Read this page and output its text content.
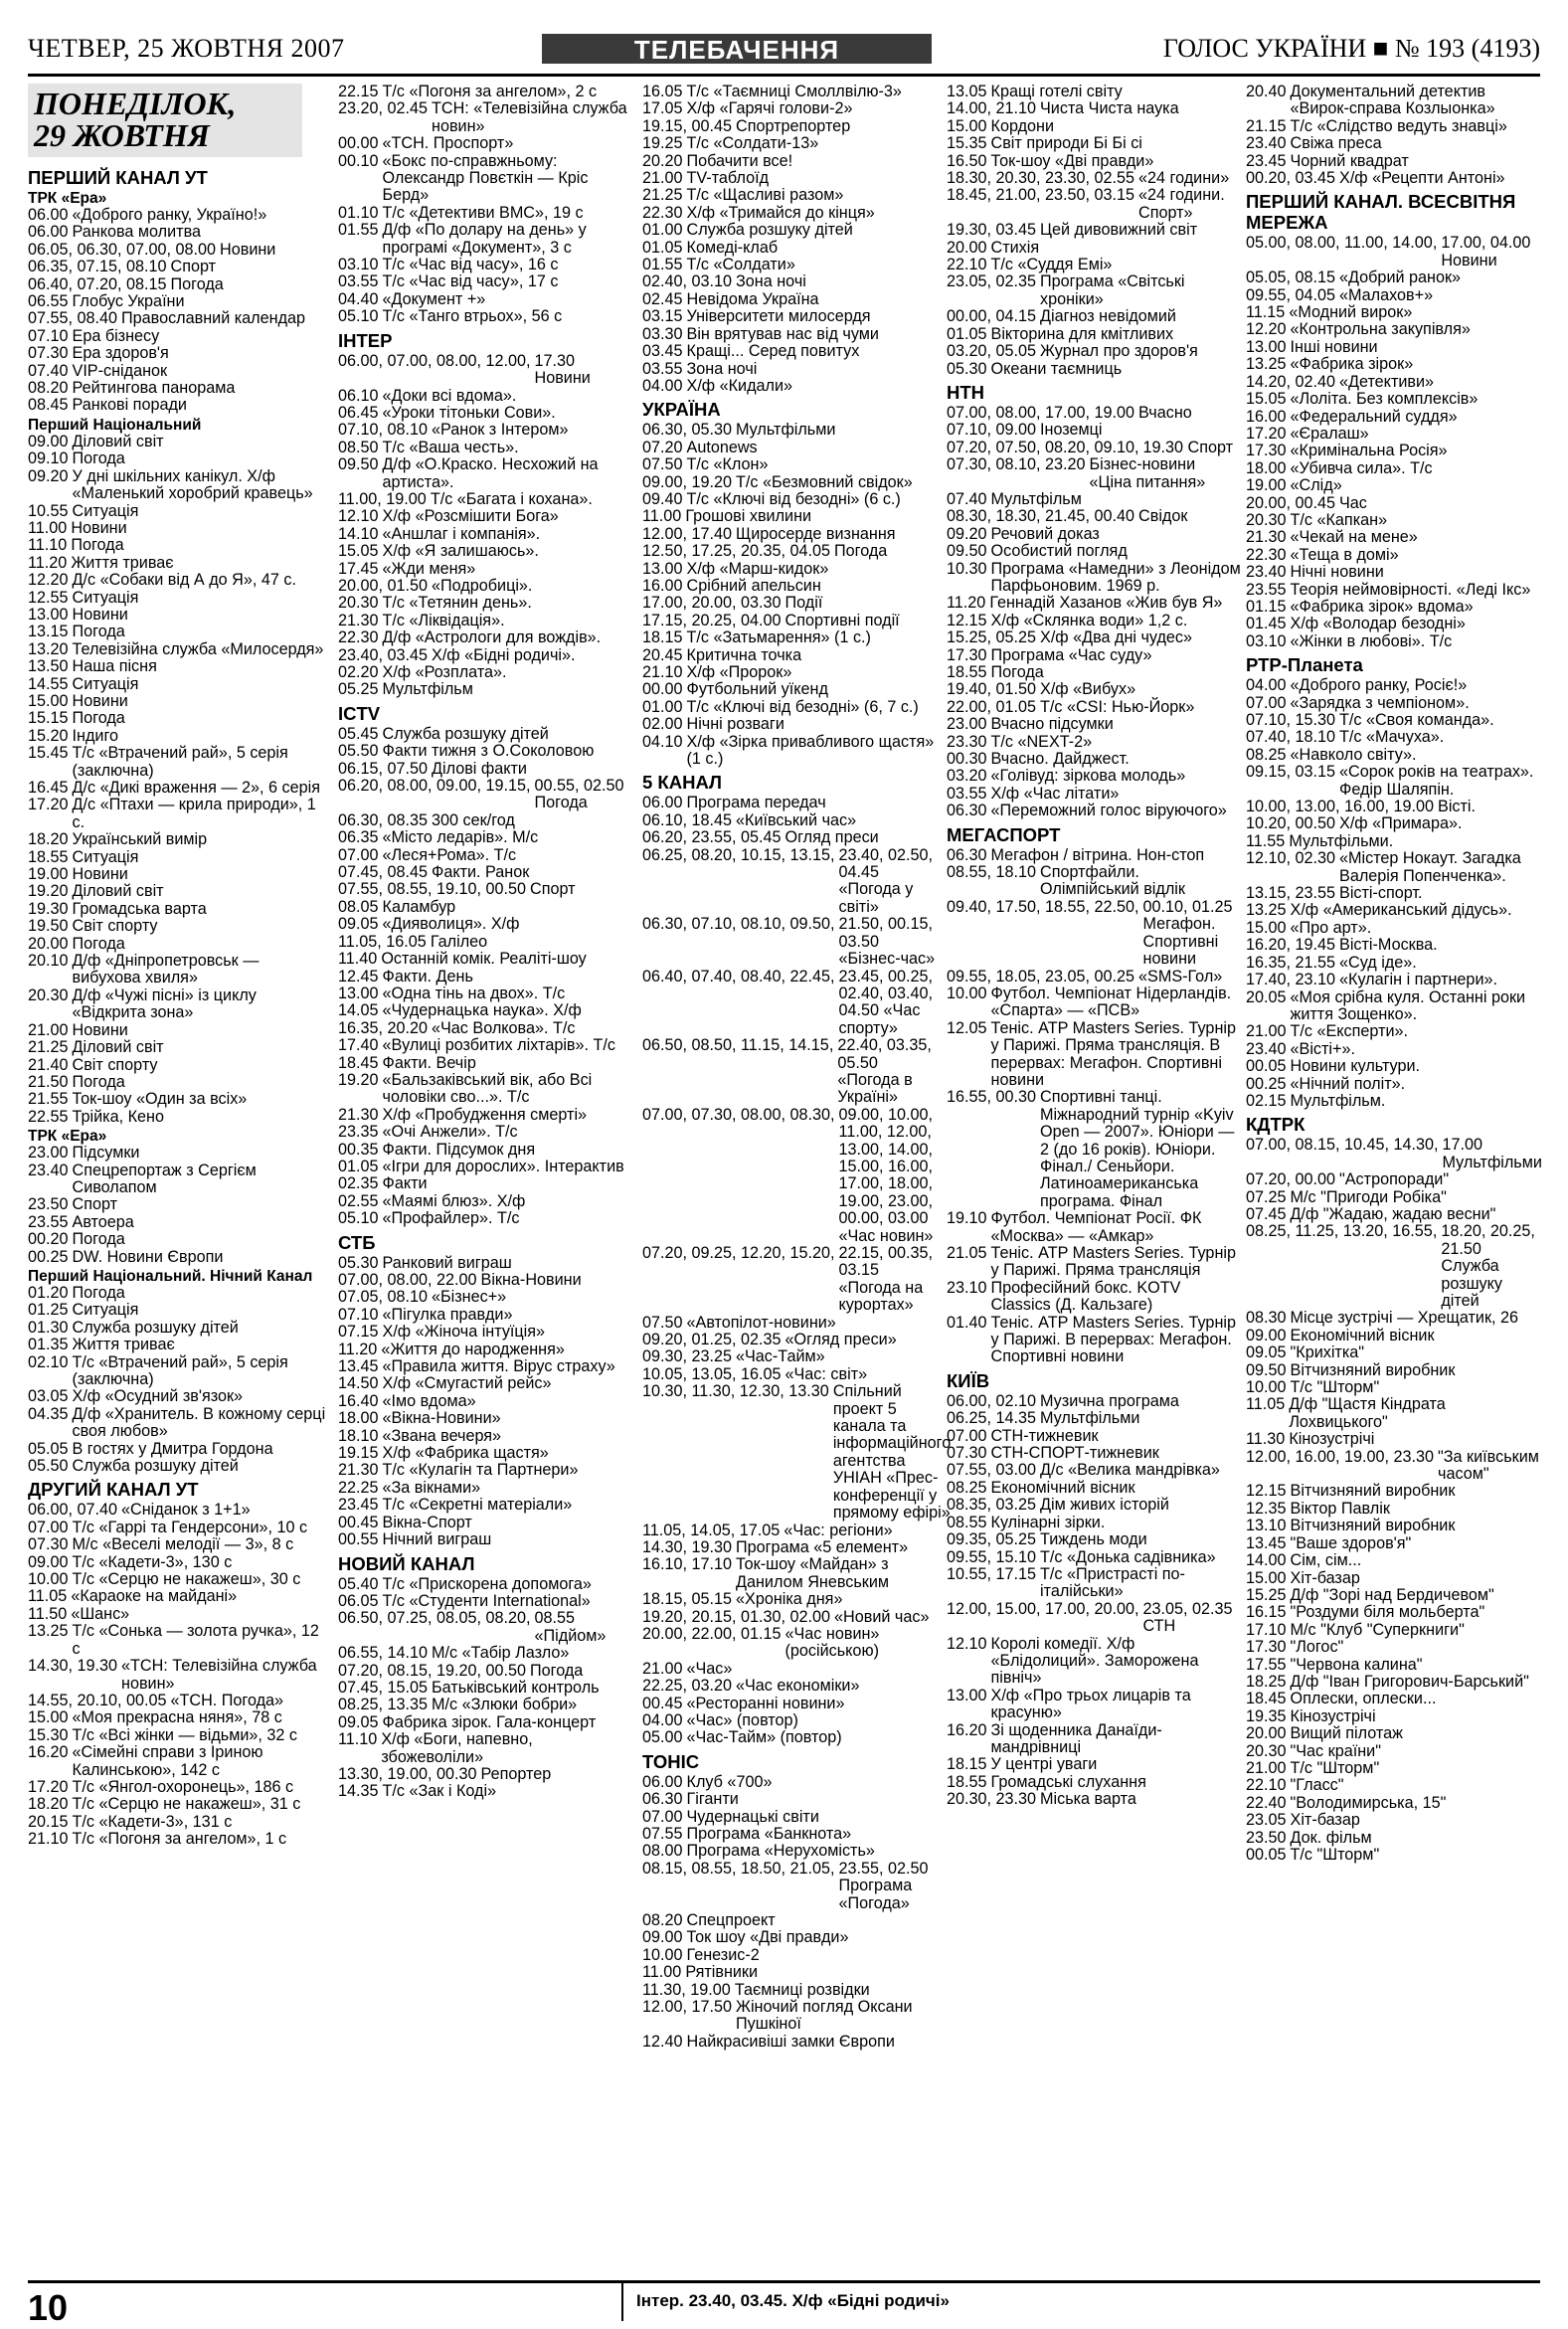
ЧЕТВЕР, 25 ЖОВТНЯ 2007	ТЕЛЕБАЧЕННЯ	ГОЛОС УКРАЇНИ ■ № 193 (4193)
ПОНЕДІЛОК,
29 ЖОВТНЯ
ПЕРШИЙ КАНАЛ УТ
ТРК «Ера»
06.00 «Доброго ранку, Україно!»
06.00 Ранкова молитва
06.05, 06.30, 07.00, 08.00 Новини
06.35, 07.15, 08.10 Спорт
06.40, 07.20, 08.15 Погода
06.55 Глобус України
07.55, 08.40 Православний календар
07.10 Ера бізнесу
07.30 Ера здоров'я
07.40 VIP-сніданок
08.20 Рейтингова панорама
08.45 Ранкові поради
Перший Національний
09.00 Діловий світ
09.10 Погода
09.20 У дні шкільних канікул. Х/ф «Маленький хоробрий кравець»
10.55 Ситуація
11.00 Новини
11.10 Погода
11.20 Життя триває
12.20 Д/с «Собаки від А до Я», 47 с.
12.55 Ситуація
13.00 Новини
13.15 Погода
13.20 Телевізійна служба «Милосердя»
13.50 Наша пісня
14.55 Ситуація
15.00 Новини
15.15 Погода
15.20 Індиго
15.45 Т/с «Втрачений рай», 5 серія (заключна)
16.45 Д/с «Дикі враження — 2», 6 серія
17.20 Д/с «Птахи — крила природи», 1 с.
18.20 Український вимір
18.55 Ситуація
19.00 Новини
19.20 Діловий світ
19.30 Громадська варта
19.50 Світ спорту
20.00 Погода
20.10 Д/ф «Дніпропетровськ — вибухова хвиля»
20.30 Д/ф «Чужі пісні» із циклу «Відкрита зона»
21.00 Новини
21.25 Діловий світ
21.40 Світ спорту
21.50 Погода
21.55 Ток-шоу «Один за всіх»
22.55 Трійка, Кено
ТРК «Ера»
23.00 Підсумки
23.40 Спецрепортаж з Сергієм Сиволапом
23.50 Спорт
23.55 Автоера
00.20 Погода
00.25 DW. Новини Європи
Перший Національний. Нічний Канал
01.20 Погода
01.25 Ситуація
01.30 Служба розшуку дітей
01.35 Життя триває
02.10 Т/с «Втрачений рай», 5 серія (заключна)
03.05 Х/ф «Осудний зв'язок»
04.35 Д/ф «Хранитель. В кожному серці своя любов»
05.05 В гостях у Дмитра Гордона
05.50 Служба розшуку дітей
ДРУГИЙ КАНАЛ УТ
06.00, 07.40 «Сніданок з 1+1»
07.00 Т/с «Гаррі та Гендерсони», 10 с
07.30 М/с «Веселі мелодії — 3», 8 с
09.00 Т/с «Кадети-3», 130 с
10.00 Т/с «Серцю не накажеш», 30 с
11.05 «Караоке на майдані»
11.50 «Шанс»
13.25 Т/с «Сонька — золота ручка», 12 с
14.30, 19.30 «ТСН: Телевізійна служба новин»
14.55, 20.10, 00.05 «ТСН. Погода»
15.00 «Моя прекрасна няня», 78 с
15.30 Т/с «Всі жінки — відьми», 32 с
16.20 «Сімейні справи з Іриною Калинською», 142 с
17.20 Т/с «Янгол-охоронець», 186 с
18.20 Т/с «Серцю не накажеш», 31 с
20.15 Т/с «Кадети-3», 131 с
21.10 Т/с «Погоня за ангелом», 1 с
22.15 Т/с «Погоня за ангелом», 2 с
23.20, 02.45 ТСН: «Телевізійна служба новин»
00.00 «ТСН. Проспорт»
00.10 «Бокс по-справжньому: Олександр Повєткін — Кріс Берд»
01.10 Т/с «Детективи ВМС», 19 с
01.55 Д/ф «По долару на день» у програмі «Документ», 3 с
03.10 Т/с «Час від часу», 16 с
03.55 Т/с «Час від часу», 17 с
04.40 «Документ +»
05.10 Т/с «Танго втрьох», 56 с
ІНТЕР
06.00, 07.00, 08.00, 12.00, 17.30 Новини
06.10 «Доки всі вдома».
06.45 «Уроки тітоньки Сови».
07.10, 08.10 «Ранок з Інтером»
08.50 Т/с «Ваша честь».
09.50 Д/ф «О.Краско. Несхожий на артиста».
11.00, 19.00 Т/с «Багата і кохана».
12.10 Х/ф «Розсмішити Бога»
14.10 «Аншлаг і компанія».
15.05 Х/ф «Я залишаюсь».
17.45 «Жди меня»
20.00, 01.50 «Подробиці».
20.30 Т/с «Тетянин день».
21.30 Т/с «Ліквідація».
22.30 Д/ф «Астрологи для вождів».
23.40, 03.45 Х/ф «Бідні родичі».
02.20 Х/ф «Розплата».
05.25 Мультфільм
ICTV
05.45 Служба розшуку дітей
05.50 Факти тижня з О.Соколовою
06.15, 07.50 Ділові факти
06.20, 08.00, 09.00, 19.15, 00.55, 02.50 Погода
06.30, 08.35 300 сек/год
06.35 «Місто ледарів». М/с
07.00 «Леся+Рома». Т/с
07.45, 08.45 Факти. Ранок
07.55, 08.55, 19.10, 00.50 Спорт
08.05 Каламбур
09.05 «Дияволиця». Х/ф
11.05, 16.05 Галілео
11.40 Останній комік. Реаліті-шоу
12.45 Факти. День
13.00 «Одна тінь на двох». Т/с
14.05 «Чудернацька наука». Х/ф
16.35, 20.20 «Час Волкова». Т/с
17.40 «Вулиці розбитих ліхтарів». Т/с
18.45 Факти. Вечір
19.20 «Бальзаківський вік, або Всі чоловіки сво...». Т/с
21.30 Х/ф «Пробудження смерті»
23.35 «Очі Анжели». Т/с
00.35 Факти. Підсумок дня
01.05 «Ігри для дорослих». Інтерактив
02.35 Факти
02.55 «Маямі блюз». Х/ф
05.10 «Профайлер». Т/с
СТБ
05.30 Ранковий виграш
07.00, 08.00, 22.00 Вікна-Новини
07.05, 08.10 «Бізнес+»
07.10 «Пігулка правди»
07.15 Х/ф «Жіноча інтуїція»
11.20 «Життя до народження»
13.45 «Правила життя. Вірус страху»
14.50 Х/ф «Смугастий рейс»
16.40 «Імо вдома»
18.00 «Вікна-Новини»
18.10 «Звана вечеря»
19.15 Х/ф «Фабрика щастя»
21.30 Т/с «Кулагін та Партнери»
22.25 «За вікнами»
23.45 Т/с «Секретні матеріали»
00.45 Вікна-Спорт
00.55 Нічний виграш
НОВИЙ КАНАЛ
05.40 Т/с «Прискорена допомога»
06.05 Т/с «Студенти International»
06.50, 07.25, 08.05, 08.20, 08.55 «Підйом»
06.55, 14.10 М/с «Табір Лазло»
07.20, 08.15, 19.20, 00.50 Погода
07.45, 15.05 Батьківський контроль
08.25, 13.35 М/с «Злюки бобри»
09.05 Фабрика зірок. Гала-концерт
11.10 Х/ф «Боги, напевно, збожеволіли»
13.30, 19.00, 00.30 Репортер
14.35 Т/с «Зак і Коді»
16.05 Т/с «Таємниці Смоллвілю-3»
17.05 Х/ф «Гарячі голови-2»
19.15, 00.45 Спортрепортер
19.25 Т/с «Солдати-13»
20.20 Побачити все!
21.00 TV-таблоїд
21.25 Т/с «Щасливі разом»
22.30 Х/ф «Тримайся до кінця»
01.00 Служба розшуку дітей
01.05 Комеді-клаб
01.55 Т/с «Солдати»
02.40, 03.10 Зона ночі
02.45 Невідома Україна
03.15 Університети милосердя
03.30 Він врятував нас від чуми
03.45 Кращі... Серед повитух
03.55 Зона ночі
04.00 Х/ф «Кидали»
УКРАЇНА
06.30, 05.30 Мультфільми
07.20 Autonews
07.50 Т/с «Клон»
09.00, 19.20 Т/с «Безмовний свідок»
09.40 Т/с «Ключі від безодні» (6 с.)
11.00 Грошові хвилини
12.00, 17.40 Щиросерде визнання
12.50, 17.25, 20.35, 04.05 Погода
13.00 Х/ф «Марш-кидок»
16.00 Срібний апельсин
17.00, 20.00, 03.30 Події
17.15, 20.25, 04.00 Спортивні події
18.15 Т/с «Затьмарення» (1 с.)
20.45 Критична точка
21.10 Х/ф «Пророк»
00.00 Футбольний уїкенд
01.00 Т/с «Ключі від безодні» (6, 7 с.)
02.00 Нічні розваги
04.10 Х/ф «Зірка привабливого щастя» (1 с.)
5 КАНАЛ
06.00 Програма передач
06.10, 18.45 «Київський час»
06.20, 23.55, 05.45 Огляд преси
06.25, 08.20, 10.15, 13.15, 23.40, 02.50, 04.45 «Погода у світі»
06.30, 07.10, 08.10, 09.50, 21.50, 00.15, 03.50 «Бізнес-час»
06.40, 07.40, 08.40, 22.45, 23.45, 00.25, 02.40, 03.40, 04.50 «Час спорту»
06.50, 08.50, 11.15, 14.15, 22.40, 03.35, 05.50 «Погода в Україні»
07.00, 07.30, 08.00, 08.30, 09.00, 10.00, 11.00, 12.00, 13.00, 14.00, 15.00, 16.00, 17.00, 18.00, 19.00, 23.00, 00.00, 03.00 «Час новин»
07.20, 09.25, 12.20, 15.20, 22.15, 00.35, 03.15 «Погода на курортах»
07.50 «Автопілот-новини»
09.20, 01.25, 02.35 «Огляд преси»
09.30, 23.25 «Час-Тайм»
10.05, 13.05, 16.05 «Час: світ»
10.30, 11.30, 12.30, 13.30 Спільний проект 5 канала та інформаційного агентства УНІАН «Прес-конференції у прямому ефірі»
11.05, 14.05, 17.05 «Час: регіони»
14.30, 19.30 Програма «5 елемент»
16.10, 17.10 Ток-шоу «Майдан» з Данилом Яневським
18.15, 05.15 «Хроніка дня»
19.20, 20.15, 01.30, 02.00 «Новий час»
20.00, 22.00, 01.15 «Час новин» (російською)
21.00 «Час»
22.25, 03.20 «Час економіки»
00.45 «Ресторанні новини»
04.00 «Час» (повтор)
05.00 «Час-Тайм» (повтор)
ТОНІС
06.00 Клуб «700»
06.30 Гіганти
07.00 Чудернацькі світи
07.55 Програма «Банкнота»
08.00 Програма «Нерухомість»
08.15, 08.55, 18.50, 21.05, 23.55, 02.50 Програма «Погода»
08.20 Спецпроект
09.00 Ток шоу «Дві правди»
10.00 Генезис-2
11.00 Рятівники
11.30, 19.00 Таємниці розвідки
12.00, 17.50 Жіночий погляд Оксани Пушкіної
12.40 Найкрасивіші замки Європи
13.05 Кращі готелі світу
14.00, 21.10 Чиста Чиста наука
15.00 Кордони
15.35 Світ природи Бі Бі сі
16.50 Ток-шоу «Дві правди»
18.30, 20.30, 23.30, 02.55 «24 години»
18.45, 21.00, 23.50, 03.15 «24 години. Спорт»
19.30, 03.45 Цей дивовижний світ
20.00 Стихія
22.10 Т/с «Суддя Емі»
23.05, 02.35 Програма «Світські хроніки»
00.00, 04.15 Діагноз невідомий
01.05 Вікторина для кмітливих
03.20, 05.05 Журнал про здоров'я
05.30 Океани таємниць
НТН
07.00, 08.00, 17.00, 19.00 Вчасно
07.10, 09.00 Іноземці
07.20, 07.50, 08.20, 09.10, 19.30 Спорт
07.30, 08.10, 23.20 Бізнес-новини «Ціна питання»
07.40 Мультфільм
08.30, 18.30, 21.45, 00.40 Свідок
09.20 Речовий доказ
09.50 Особистий погляд
10.30 Програма «Намедни» з Леонідом Парфьоновим. 1969 р.
11.20 Геннадій Хазанов «Жив був Я»
12.15 Х/ф «Склянка води» 1,2 с.
15.25, 05.25 Х/ф «Два дні чудес»
17.30 Програма «Час суду»
18.55 Погода
19.40, 01.50 Х/ф «Вибух»
22.00, 01.05 Т/с «CSI: Нью-Йорк»
23.00 Вчасно підсумки
23.30 Т/с «NEXT-2»
00.30 Вчасно. Дайджест.
03.20 «Голівуд: зіркова молодь»
03.55 Х/ф «Час літати»
06.30 «Переможний голос віруючого»
МЕГАСПОРТ
06.30 Мегафон / вітрина. Нон-стоп
08.55, 18.10 Спортфайли. Олімпійський відлік
09.40, 17.50, 18.55, 22.50, 00.10, 01.25 Мегафон. Спортивні новини
09.55, 18.05, 23.05, 00.25 «SMS-Гол»
10.00 Футбол. Чемпіонат Нідерландів. «Спарта» — «ПСВ»
12.05 Теніс. ATP Masters Series. Турнір у Парижі. Пряма трансляція. В перервах: Мегафон. Спортивні новини
16.55, 00.30 Спортивні танці. Міжнародний турнір «Kyiv Open — 2007». Юніори — 2 (до 16 років). Юніори. Фінал./ Сеньйори. Латиноамериканська програма. Фінал
19.10 Футбол. Чемпіонат Росії. ФК «Москва» — «Амкар»
21.05 Теніс. ATP Masters Series. Турнір у Парижі. Пряма трансляція
23.10 Професійний бокс. KOTV Classics (Д. Кальзаге)
01.40 Теніс. ATP Masters Series. Турнір у Парижі. В перервах: Мегафон. Спортивні новини
КИЇВ
06.00, 02.10 Музична програма
06.25, 14.35 Мультфільми
07.00 СТН-тижневик
07.30 СТН-СПОРТ-тижневик
07.55, 03.00 Д/с «Велика мандрівка»
08.25 Економічний вісник
08.35, 03.25 Дім живих історій
08.55 Кулінарні зірки.
09.35, 05.25 Тиждень моди
09.55, 15.10 Т/с «Донька садівника»
10.55, 17.15 Т/с «Пристрасті по-італійськи»
12.00, 15.00, 17.00, 20.00, 23.05, 02.35 СТН
12.10 Королі комедії. Х/ф «Блідолиций». Заморожена північ»
13.00 Х/ф «Про трьох лицарів та красуню»
16.20 Зі щоденника Данаїди-мандрівниці
18.15 У центрі уваги
18.55 Громадські слухання
20.30, 23.30 Міська варта
20.40 Документальний детектив «Вирок-справа Козлыонка»
21.15 Т/с «Слідство ведуть знавці»
23.40 Свіжа преса
23.45 Чорний квадрат
00.20, 03.45 Х/ф «Рецепти Антоні»
ПЕРШИЙ КАНАЛ. ВСЕСВІТНЯ МЕРЕЖА
05.00, 08.00, 11.00, 14.00, 17.00, 04.00 Новини
05.05, 08.15 «Добрий ранок»
09.55, 04.05 «Малахов+»
11.15 «Модний вирок»
12.20 «Контрольна закупівля»
13.00 Інші новини
13.25 «Фабрика зірок»
14.20, 02.40 «Детективи»
15.05 «Лоліта. Без комплексів»
16.00 «Федеральний суддя»
17.20 «Єралаш»
17.30 «Кримінальна Росія»
18.00 «Убивча сила». Т/с
19.00 «Слід»
20.00, 00.45 Час
20.30 Т/с «Капкан»
21.30 «Чекай на мене»
22.30 «Теща в домі»
23.40 Нічні новини
23.55 Теорія неймовірності. «Леді Ікс»
01.15 «Фабрика зірок» вдома»
01.45 Х/ф «Володар безодні»
03.10 «Жінки в любові». Т/с
РТР-Планета
04.00 «Доброго ранку, Росіє!»
07.00 «Зарядка з чемпіоном».
07.10, 15.30 Т/с «Своя команда».
07.40, 18.10 Т/с «Мачуха».
08.25 «Навколо світу».
09.15, 03.15 «Сорок років на театрах». Федір Шаляпін.
10.00, 13.00, 16.00, 19.00 Вісті.
10.20, 00.50 Х/ф «Примара».
11.55 Мультфільми.
12.10, 02.30 «Містер Нокаут. Загадка Валерія Попенченка».
13.15, 23.55 Вісті-спорт.
13.25 Х/ф «Американський дідусь».
15.00 «Про арт».
16.20, 19.45 Вісті-Москва.
16.35, 21.55 «Суд іде».
17.40, 23.10 «Кулагін і партнери».
20.05 «Моя срібна куля. Останні роки життя Зощенко».
21.00 Т/с «Експерти».
23.40 «Вісті+».
00.05 Новини культури.
00.25 «Нічний політ».
02.15 Мультфільм.
КДТРК
07.00, 08.15, 10.45, 14.30, 17.00 Мультфільми
07.20, 00.00 "Астропоради"
07.25 М/с "Пригоди Робіка"
07.45 Д/ф "Жадаю, жадаю весни"
08.25, 11.25, 13.20, 16.55, 18.20, 20.25, 21.50 Служба розшуку дітей
08.30 Місце зустрічі — Хрещатик, 26
09.00 Економічний вісник
09.05 "Крихітка"
09.50 Вітчизняний виробник
10.00 Т/с "Шторм"
11.05 Д/ф "Щастя Кіндрата Лохвицького"
11.30 Кінозустрічі
12.00, 16.00, 19.00, 23.30 "За київським часом"
12.15 Вітчизняний виробник
12.35 Віктор Павлік
13.10 Вітчизняний виробник
13.45 "Ваше здоров'я"
14.00 Сім, сім...
15.00 Хіт-базар
15.25 Д/ф "Зорі над Бердичевом"
16.15 "Роздуми біля мольберта"
17.10 М/с "Клуб "Суперкниги"
17.30 "Логос"
17.55 "Червона калина"
18.25 Д/ф "Іван Григорович-Барський"
18.45 Оплески, оплески...
19.35 Кінозустрічі
20.00 Вищий пілотаж
20.30 "Час країни"
21.00 Т/с "Шторм"
22.10 "Гласc"
22.40 "Володимирська, 15"
23.05 Хіт-базар
23.50 Док. фільм
00.05 Т/с "Шторм"
10	Інтер. 23.40, 03.45. Х/ф «Бідні родичі»
